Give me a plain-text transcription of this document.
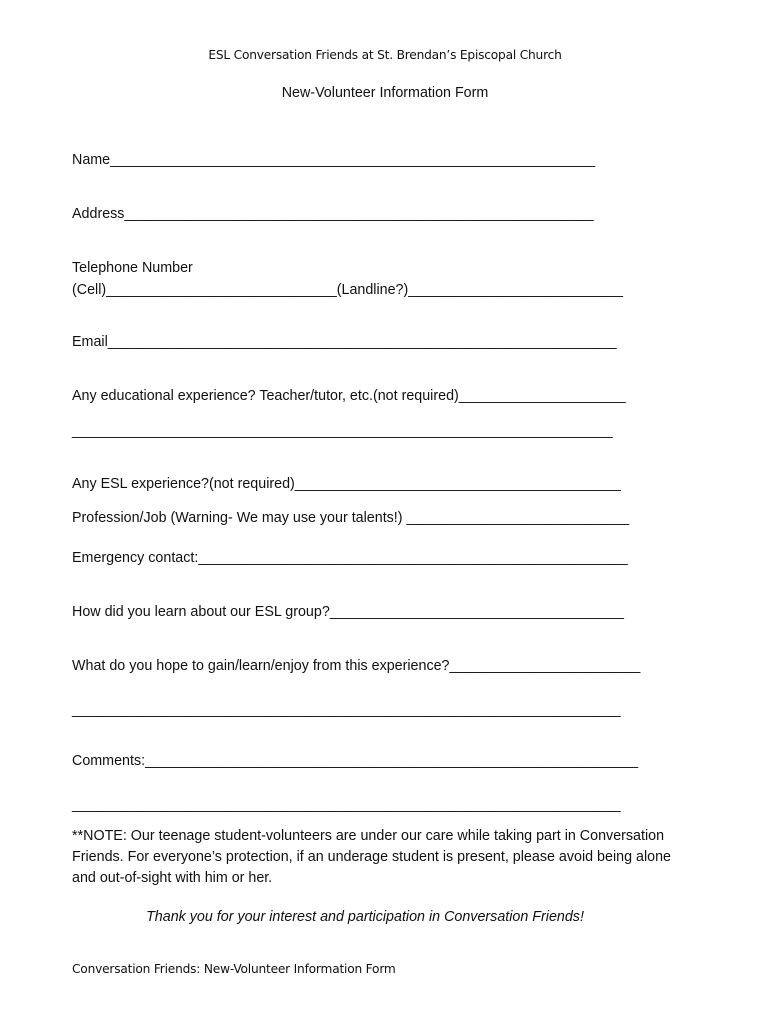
ESL Conversation Friends at St. Brendan’s Episcopal Church
New-Volunteer Information Form
Name_____________________________________________________________
Address___________________________________________________________
Telephone Number
(Cell)_____________________________(Landline?)___________________________
Email________________________________________________________________
Any educational experience? Teacher/tutor, etc.(not required)_____________________
____________________________________________________________________
Any ESL experience?(not required)_________________________________________
Profession/Job (Warning- We may use your talents!) ____________________________
Emergency contact:______________________________________________________
How did you learn about our ESL group?_____________________________________
What do you hope to gain/learn/enjoy from this experience?________________________
_____________________________________________________________________
Comments:______________________________________________________________
_____________________________________________________________________
**NOTE: Our teenage student-volunteers are under our care while taking part in Conversation Friends. For everyone’s protection, if an underage student is present, please avoid being alone and out-of-sight with him or her.
Thank you for your interest and participation in Conversation Friends!
Conversation Friends: New-Volunteer Information Form
